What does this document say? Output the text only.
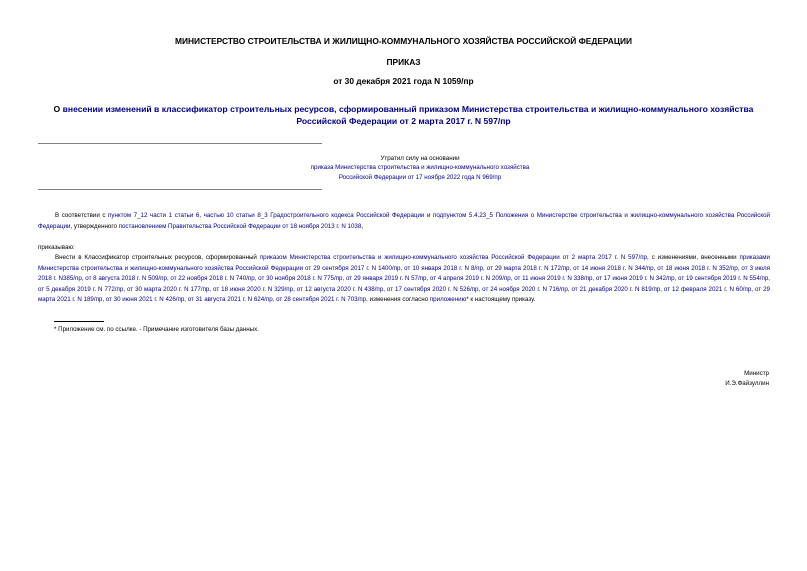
МИНИСТЕРСТВО СТРОИТЕЛЬСТВА И ЖИЛИЩНО-КОММУНАЛЬНОГО ХОЗЯЙСТВА РОССИЙСКОЙ ФЕДЕРАЦИИ
ПРИКАЗ
от 30 декабря 2021 года N 1059/пр
О внесении изменений в классификатор строительных ресурсов, сформированный приказом Министерства строительства и жилищно-коммунального хозяйства Российской Федерации от 2 марта 2017 г. N 597/пр
Утратил силу на основании
приказа Министерства строительства и жилищно-коммунального хозяйства
Российской Федерации от 17 ноября 2022 года N 969/пр
В соответствии с пунктом 7_12 части 1 статьи 6, частью 10 статьи 8_3 Градостроительного кодекса Российской Федерации и подпунктом 5.4.23_5 Положения о Министерстве строительства и жилищно-коммунального хозяйства Российской Федерации, утвержденного постановлением Правительства Российской Федерации от 18 ноября 2013 г. N 1038,
приказываю:
Внести в Классификатор строительных ресурсов, сформированный приказом Министерства строительства и жилищно-коммунального хозяйства Российской Федерации от 2 марта 2017 г. N 597/пр, с изменениями, внесенными приказами Министерства строительства и жилищно-коммунального хозяйства Российской Федерации от 29 сентября 2017 г. N 1400/пр, от 10 января 2018 г. N 8/пр, от 29 марта 2018 г. N 172/пр, от 14 июня 2018 г. N 344/пр, от 18 июня 2018 г. N 352/пр, от 3 июля 2018 г. N385/пр, от 8 августа 2018 г. N 509/пр, от 22 ноября 2018 г. N 740/пр, от 30 ноября 2018 г. N 775/пр, от 29 января 2019 г. N 57/пр, от 4 апреля 2019 г. N 209/пр, от 11 июня 2019 г. N 338/пр, от 17 июня 2019 г. N 342/пр, от 19 сентября 2019 г. N 554/пр, от 5 декабря 2019 г. N 772/пр, от 30 марта 2020 г. N 177/пр, от 18 июня 2020 г. N 329/пр, от 12 августа 2020 г. N 438/пр, от 17 сентября 2020 г. N 526/пр, от 24 ноября 2020 г. N 716/пр, от 21 декабря 2020 г. N 819/пр, от 12 февраля 2021 г. N 60/пр, от 29 марта 2021 г. N 189/пр, от 30 июня 2021 г. N 426/пр, от 31 августа 2021 г. N 624/пр, от 28 сентября 2021 г. N 703/пр, изменения согласно приложению* к настоящему приказу.
* Приложение см. по ссылке. - Примечание изготовителя базы данных.
Министр
И.Э.Файзуллин
